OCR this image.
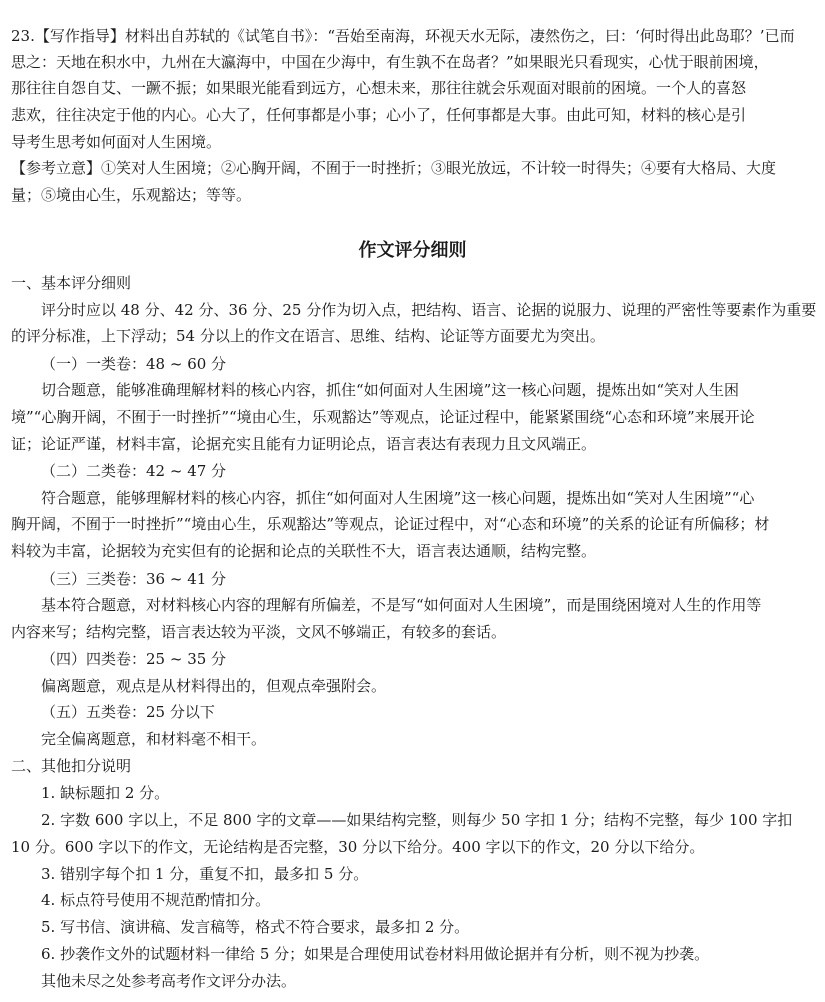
23.【写作指导】材料出自苏轼的《试笔自书》：“吾始至南海，环视天水无际，凄然伤之，曰：‘何时得出此岛耶？’已而
思之：天地在积水中，九州在大瀛海中，中国在少海中，有生孰不在岛者？”如果眼光只看现实，心忧于眼前困境，
那往往自怨自艾、一蹶不振；如果眼光能看到远方，心想未来，那往往就会乐观面对眼前的困境。一个人的喜怒
悲欢，往往决定于他的内心。心大了，任何事都是小事；心小了，任何事都是大事。由此可知，材料的核心是引
导考生思考如何面对人生困境。
【参考立意】①笑对人生困境；②心胸开阔，不囿于一时挫折；③眼光放远，不计较一时得失；④要有大格局、大度
量；⑤境由心生，乐观豁达；等等。
作文评分细则
一、基本评分细则
评分时应以 48 分、42 分、36 分、25 分作为切入点，把结构、语言、论据的说服力、说理的严密性等要素作为重要
的评分标准，上下浮动；54 分以上的作文在语言、思维、结构、论证等方面要尤为突出。
（一）一类卷：48 ~ 60 分
切合题意，能够准确理解材料的核心内容，抓住“如何面对人生困境”这一核心问题，提炼出如“笑对人生困
境”“心胸开阔，不囿于一时挫折”“境由心生，乐观豁达”等观点，论证过程中，能紧紧围绕“心态和环境”来展开论
证；论证严谨，材料丰富，论据充实且能有力证明论点，语言表达有表现力且文风端正。
（二）二类卷：42 ~ 47 分
符合题意，能够理解材料的核心内容，抓住“如何面对人生困境”这一核心问题，提炼出如“笑对人生困境”“心
胸开阔，不囿于一时挫折”“境由心生，乐观豁达”等观点，论证过程中，对“心态和环境”的关系的论证有所偏移；材
料较为丰富，论据较为充实但有的论据和论点的关联性不大，语言表达通顺，结构完整。
（三）三类卷：36 ~ 41 分
基本符合题意，对材料核心内容的理解有所偏差，不是写“如何面对人生困境”，而是围绕困境对人生的作用等
内容来写；结构完整，语言表达较为平淡，文风不够端正，有较多的套话。
（四）四类卷：25 ~ 35 分
偏离题意，观点是从材料得出的，但观点牵强附会。
（五）五类卷：25 分以下
完全偏离题意，和材料毫不相干。
二、其他扣分说明
1. 缺标题扣 2 分。
2. 字数 600 字以上，不足 800 字的文章——如果结构完整，则每少 50 字扣 1 分；结构不完整，每少 100 字扣
10 分。600 字以下的作文，无论结构是否完整，30 分以下给分。400 字以下的作文，20 分以下给分。
3. 错别字每个扣 1 分，重复不扣，最多扣 5 分。
4. 标点符号使用不规范酌情扣分。
5. 写书信、演讲稿、发言稿等，格式不符合要求，最多扣 2 分。
6. 抄袭作文外的试题材料一律给 5 分；如果是合理使用试卷材料用做论据并有分析，则不视为抄袭。
其他未尽之处参考高考作文评分办法。
